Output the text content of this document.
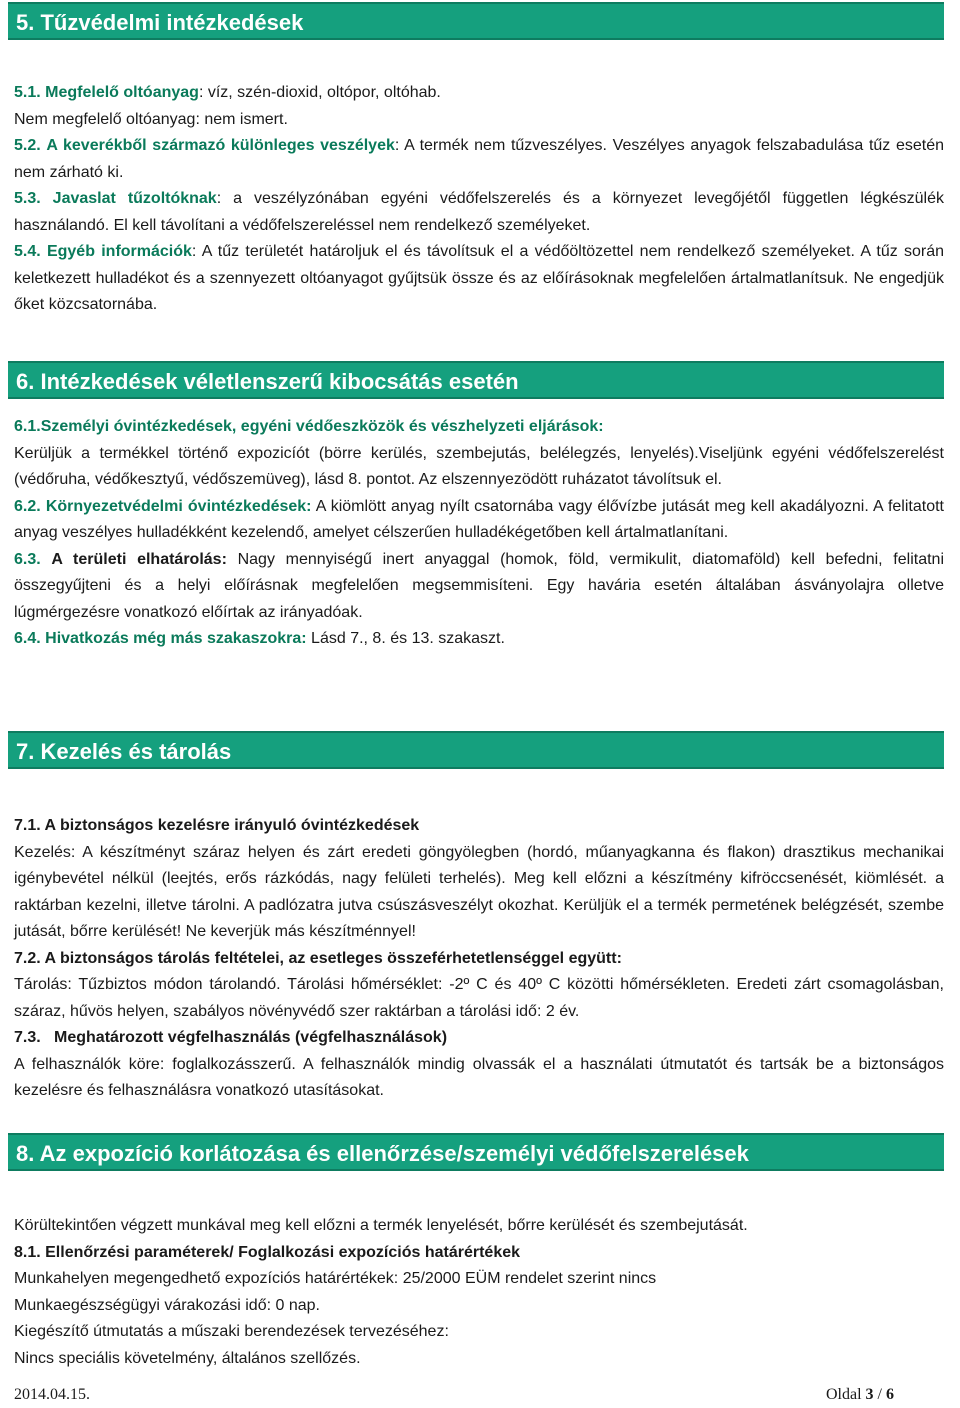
5. Tűzvédelmi intézkedések

5.1. Megfelelő oltóanyag: víz, szén-dioxid, oltópor, oltóhab.

Nem megfelelő oltóanyag: nem ismert.

5.2. A keverékből származó különleges veszélyek: A termék nem tűzveszélyes. Veszélyes anyagok felszabadulása tűz esetén nem zárható ki.

5.3. Javaslat tűzoltóknak: a veszélyzónában egyéni védőfelszerelés és a környezet levegőjétől független légkészülék használandó. El kell távolítani a védőfelszereléssel nem rendelkező személyeket.

5.4. Egyéb információk: A tűz területét határoljuk el és távolítsuk el a védőöltözettel nem rendelkező személyeket. A tűz során keletkezett hulladékot és a szennyezett oltóanyagot gyűjtsük össze és az előírásoknak megfelelően ártalmatlanítsuk. Ne engedjük őket közcsatornába.

6. Intézkedések véletlenszerű kibocsátás esetén

6.1.Személyi óvintézkedések, egyéni védőeszközök és vészhelyzeti eljárások:

Kerüljük a termékkel történő expozicíót (börre kerülés, szembejutás, belélegzés, lenyelés).Viseljünk egyéni védőfelszerelést (védőruha, védőkesztyű, védőszemüveg), lásd 8. pontot. Az elszennyezödött ruházatot távolítsuk el.

6.2. Környezetvédelmi óvintézkedések: A kiömlött anyag nyílt csatornába vagy élővízbe jutását meg kell akadályozni. A felitatott anyag veszélyes hulladékként kezelendő, amelyet célszerűen hulladékégetőben kell ártalmatlanítani.

6.3. A területi elhatárolás: Nagy mennyiségű inert anyaggal (homok, föld, vermikulit, diatomaföld) kell befedni, felitatni összegyűjteni és a helyi előírásnak megfelelően megsemmisíteni. Egy havária esetén általában ásványolajra olletve lúgmérgezésre vonatkozó előírtak az irányadóak.

6.4. Hivatkozás még más szakaszokra: Lásd 7., 8. és 13. szakaszt.

7. Kezelés és tárolás

7.1. A biztonságos kezelésre irányuló óvintézkedések

Kezelés: A készítményt száraz helyen és zárt eredeti göngyölegben (hordó, műanyagkanna és flakon) drasztikus mechanikai igénybevétel nélkül (leejtés, erős rázkódás, nagy felületi terhelés). Meg kell előzni a készítmény kifröccsenését, kiömlését. a raktárban kezelni, illetve tárolni. A padlózatra jutva csúszásveszélyt okozhat. Kerüljük el a termék permetének belégzését, szembe jutását, bőrre kerülését! Ne keverjük más készítménnyel!

7.2. A biztonságos tárolás feltételei, az esetleges összeférhetetlenséggel együtt:

Tárolás: Tűzbiztos módon tárolandó. Tárolási hőmérséklet: -2º C és 40º C közötti hőmérsékleten. Eredeti zárt csomagolásban, száraz, hűvös helyen, szabályos növényvédő szer raktárban a tárolási idő: 2 év.

7.3.   Meghatározott végfelhasználás (végfelhasználások)

A felhasználók köre: foglalkozásszerű. A felhasználók mindig olvassák el a használati útmutatót és tartsák be a biztonságos kezelésre és felhasználásra vonatkozó utasításokat.

8. Az expozíció korlátozása és ellenőrzése/személyi védőfelszerelések

Körültekintően végzett munkával meg kell előzni a termék lenyelését, bőrre kerülését és szembejutását.

8.1. Ellenőrzési paraméterek/ Foglalkozási expozíciós határértékek

Munkahelyen megengedhető expozíciós határértékek: 25/2000 EÜM rendelet szerint nincs

Munkaegészségügyi várakozási idő: 0 nap.

Kiegészítő útmutatás a műszaki berendezések tervezéséhez:

Nincs speciális követelmény, általános szellőzés.

2014.04.15.	Oldal 3 / 6
